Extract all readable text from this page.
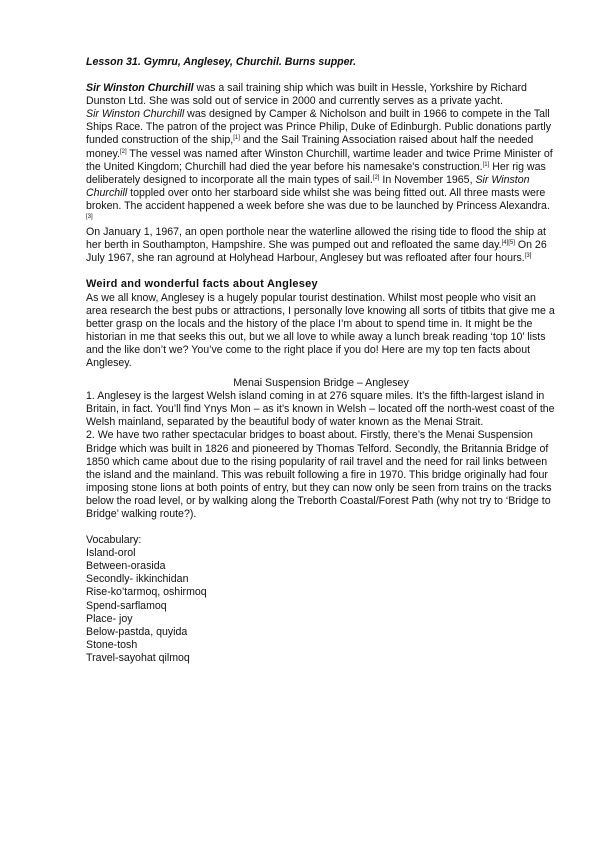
Lesson 31. Gymru, Anglesey, Churchil. Burns supper.

Sir Winston Churchill was a sail training ship which was built in Hessle, Yorkshire by Richard Dunston Ltd. She was sold out of service in 2000 and currently serves as a private yacht.

Sir Winston Churchill was designed by Camper & Nicholson and built in 1966 to compete in the Tall Ships Race. The patron of the project was Prince Philip, Duke of Edinburgh. Public donations partly funded construction of the ship,[1] and the Sail Training Association raised about half the needed money.[2] The vessel was named after Winston Churchill, wartime leader and twice Prime Minister of the United Kingdom; Churchill had died the year before his namesake's construction.[1] Her rig was deliberately designed to incorporate all the main types of sail.[2] In November 1965, Sir Winston Churchill toppled over onto her starboard side whilst she was being fitted out. All three masts were broken. The accident happened a week before she was due to be launched by Princess Alexandra.[3]

On January 1, 1967, an open porthole near the waterline allowed the rising tide to flood the ship at her berth in Southampton, Hampshire. She was pumped out and refloated the same day.[4][5] On 26 July 1967, she ran aground at Holyhead Harbour, Anglesey but was refloated after four hours.[3]

Weird and wonderful facts about Anglesey

As we all know, Anglesey is a hugely popular tourist destination. Whilst most people who visit an area research the best pubs or attractions, I personally love knowing all sorts of titbits that give me a better grasp on the locals and the history of the place I’m about to spend time in. It might be the historian in me that seeks this out, but we all love to while away a lunch break reading ‘top 10’ lists and the like don’t we? You’ve come to the right place if you do! Here are my top ten facts about Anglesey.

Menai Suspension Bridge – Anglesey

1. Anglesey is the largest Welsh island coming in at 276 square miles. It’s the fifth-largest island in Britain, in fact. You’ll find Ynys Mon – as it’s known in Welsh – located off the north-west coast of the Welsh mainland, separated by the beautiful body of water known as the Menai Strait.

2. We have two rather spectacular bridges to boast about. Firstly, there’s the Menai Suspension Bridge which was built in 1826 and pioneered by Thomas Telford. Secondly, the Britannia Bridge of 1850 which came about due to the rising popularity of rail travel and the need for rail links between the island and the mainland. This was rebuilt following a fire in 1970. This bridge originally had four imposing stone lions at both points of entry, but they can now only be seen from trains on the tracks below the road level, or by walking along the Treborth Coastal/Forest Path (why not try to ‘Bridge to Bridge’ walking route?).

Vocabulary:

Island-orol
Between-orasida
Secondly- ikkinchidan
Rise-ko’tarmoq, oshirmoq
Spend-sarflamoq
Place- joy
Below-pastda, quyida
Stone-tosh
Travel-sayohat qilmoq
